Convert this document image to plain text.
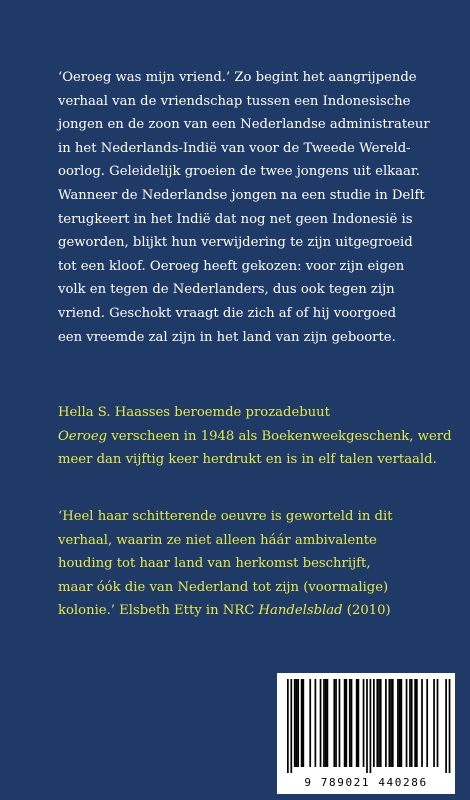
‘Oeroeg was mijn vriend.’ Zo begint het aangrijpende
verhaal van de vriendschap tussen een Indonesische
jongen en de zoon van een Nederlandse administrateur
in het Nederlands-Indië van voor de Tweede Wereld-
oorlog. Geleidelijk groeien de twee jongens uit elkaar.
Wanneer de Nederlandse jongen na een studie in Delft
terugkeert in het Indië dat nog net geen Indonesië is
geworden, blijkt hun verwijdering te zijn uitgegroeid
tot een kloof. Oeroeg heeft gekozen: voor zijn eigen
volk en tegen de Nederlanders, dus ook tegen zijn
vriend. Geschokt vraagt die zich af of hij voorgoed
een vreemde zal zijn in het land van zijn geboorte.
Hella S. Haasses beroemde prozadebuut
Oeroeg verscheen in 1948 als Boekenweekgeschenk, werd
meer dan vijftig keer herdrukt en is in elf talen vertaald.
‘Heel haar schitterende oeuvre is geworteld in dit
verhaal, waarin ze niet alleen háár ambivalente
houding tot haar land van herkomst beschrijft,
maar óók die van Nederland tot zijn (voormalige)
kolonie.’ Elsbeth Etty in NRC Handelsblad (2010)
9 789021 440286
